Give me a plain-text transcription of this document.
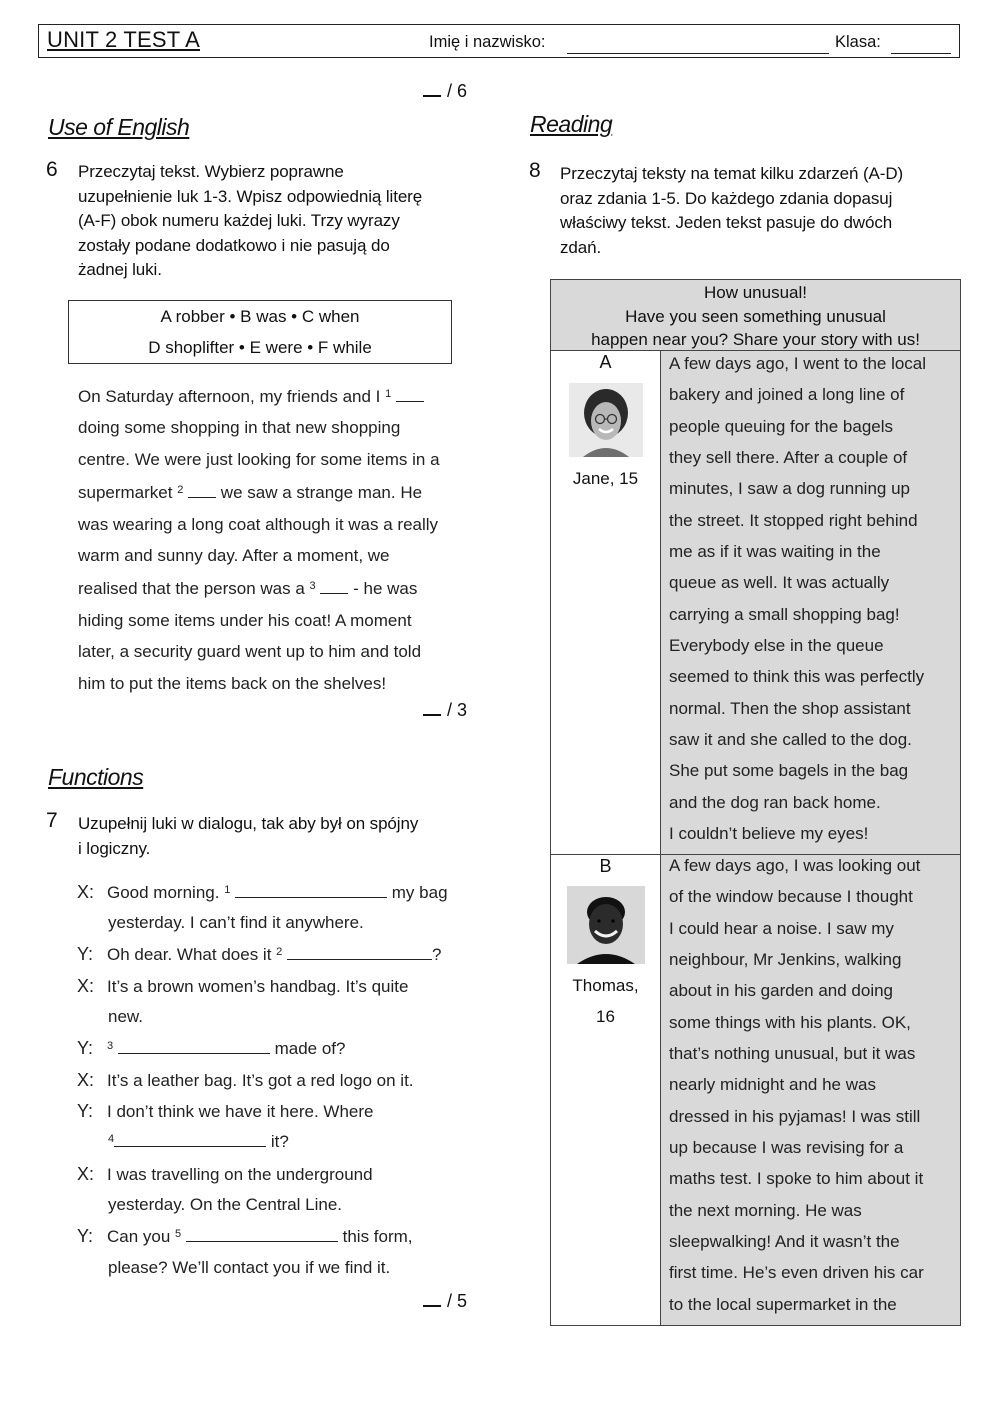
UNIT 2 TEST A	Imię i nazwisko:	Klasa:
/ 6
Use of English
6 Przeczytaj tekst. Wybierz poprawne
uzupełnienie luk 1-3. Wpisz odpowiednią literę
(A-F) obok numeru każdej luki. Trzy wyrazy
zostały podane dodatkowo i nie pasują do
żadnej luki.
A robber • B was • C when
D shoplifter • E were • F while
On Saturday afternoon, my friends and I $^1$
doing some shopping in that new shopping
centre. We were just looking for some items in a
supermarket $^2$  we saw a strange man. He
was wearing a long coat although it was a really
warm and sunny day. After a moment, we
realised that the person was a $^3$  - he was
hiding some items under his coat! A moment
later, a security guard went up to him and told
him to put the items back on the shelves!
/ 3
Functions
7 Uzupełnij luki w dialogu, tak aby był on spójny
i logiczny.
X: Good morning. $^1$	my bag
yesterday. I can’t find it anywhere.
Y: Oh dear. What does it $^2$	?
X: It’s a brown women’s handbag. It’s quite
new.
Y: $^3$	made of?
X: It’s a leather bag. It’s got a red logo on it.
Y: I don’t think we have it here. Where
$^4$	it?
X: I was travelling on the underground
yesterday. On the Central Line.
Y: Can you $^5$	this form,
please? We’ll contact you if we find it.
/ 5
Reading
8 Przeczytaj teksty na temat kilku zdarzeń (A-D)
oraz zdania 1-5. Do każdego zdania dopasuj
właściwy tekst. Jeden tekst pasuje do dwóch
zdań.
How unusual!
Have you seen something unusual
happen near you? Share your story with us!
A
Jane, 15
A few days ago, I went to the local
bakery and joined a long line of
people queuing for the bagels
they sell there. After a couple of
minutes, I saw a dog running up
the street. It stopped right behind
me as if it was waiting in the
queue as well. It was actually
carrying a small shopping bag!
Everybody else in the queue
seemed to think this was perfectly
normal. Then the shop assistant
saw it and she called to the dog.
She put some bagels in the bag
and the dog ran back home.
I couldn’t believe my eyes!
B
Thomas,
16
A few days ago, I was looking out
of the window because I thought
I could hear a noise. I saw my
neighbour, Mr Jenkins, walking
about in his garden and doing
some things with his plants. OK,
that’s nothing unusual, but it was
nearly midnight and he was
dressed in his pyjamas! I was still
up because I was revising for a
maths test. I spoke to him about it
the next morning. He was
sleepwalking! And it wasn’t the
first time. He’s even driven his car
to the local supermarket in the
